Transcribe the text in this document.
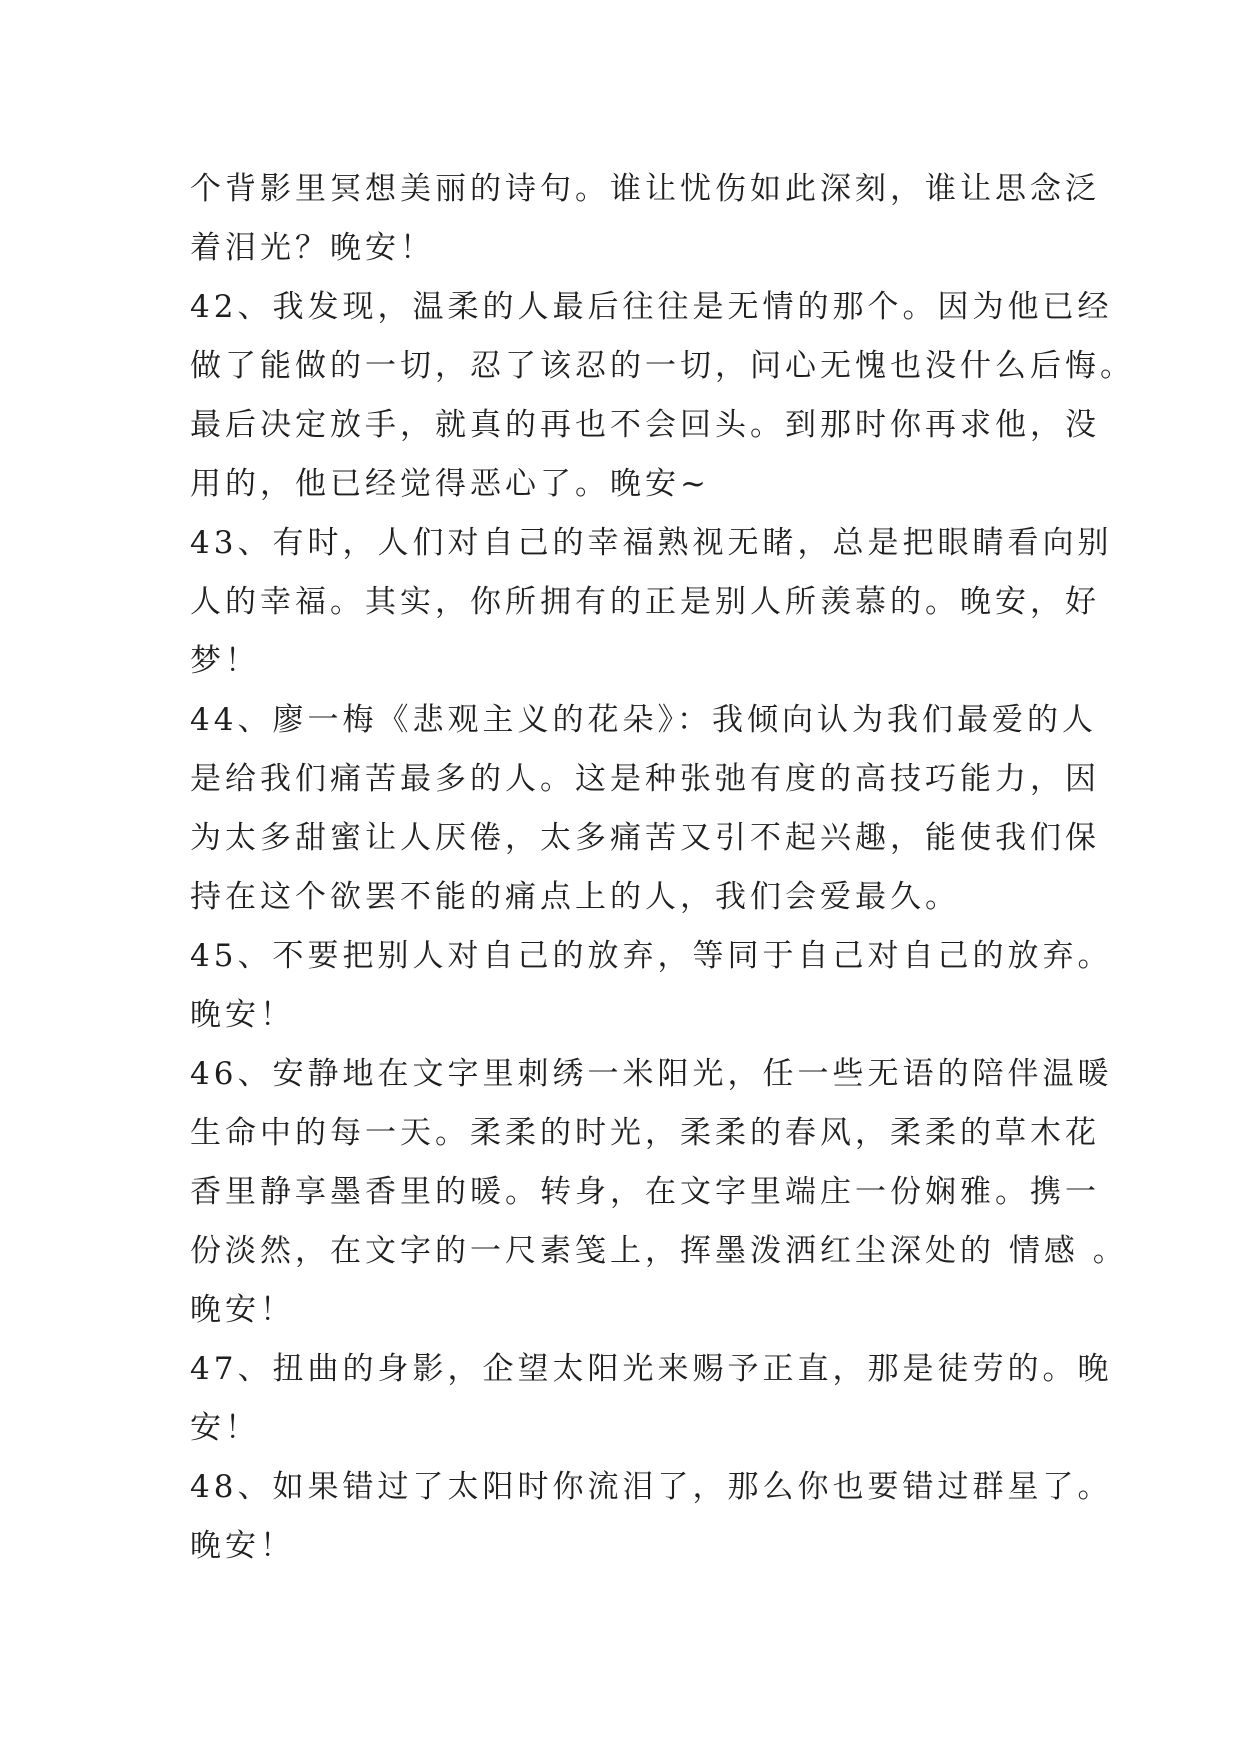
个背影里冥想美丽的诗句。谁让忧伤如此深刻，谁让思念泛
着泪光？晚安！
42、我发现，温柔的人最后往往是无情的那个。因为他已经
做了能做的一切，忍了该忍的一切，问心无愧也没什么后悔。
最后决定放手，就真的再也不会回头。到那时你再求他，没
用的，他已经觉得恶心了。晚安~
43、有时，人们对自己的幸福熟视无睹，总是把眼睛看向别
人的幸福。其实，你所拥有的正是别人所羡慕的。晚安，好
梦！
44、廖一梅《悲观主义的花朵》：我倾向认为我们最爱的人
是给我们痛苦最多的人。这是种张弛有度的高技巧能力，因
为太多甜蜜让人厌倦，太多痛苦又引不起兴趣，能使我们保
持在这个欲罢不能的痛点上的人，我们会爱最久。
45、不要把别人对自己的放弃，等同于自己对自己的放弃。
晚安！
46、安静地在文字里刺绣一米阳光，任一些无语的陪伴温暖
生命中的每一天。柔柔的时光，柔柔的春风，柔柔的草木花
香里静享墨香里的暖。转身，在文字里端庄一份娴雅。携一
份淡然，在文字的一尺素笺上，挥墨泼洒红尘深处的 情感 。
晚安！
47、扭曲的身影，企望太阳光来赐予正直，那是徒劳的。晚
安！
48、如果错过了太阳时你流泪了，那么你也要错过群星了。
晚安！
